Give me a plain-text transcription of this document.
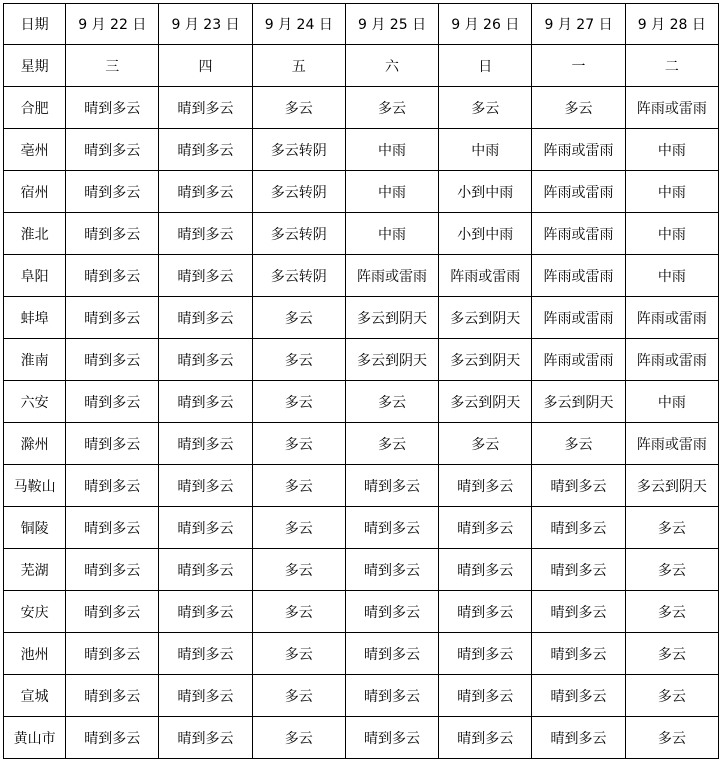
日期	9 月 22 日	9 月 23 日	9 月 24 日	9 月 25 日	9 月 26 日	9 月 27 日	9 月 28 日
星期	三	四	五	六	日	一	二
合肥	晴到多云	晴到多云	多云	多云	多云	多云	阵雨或雷雨
亳州	晴到多云	晴到多云	多云转阴	中雨	中雨	阵雨或雷雨	中雨
宿州	晴到多云	晴到多云	多云转阴	中雨	小到中雨	阵雨或雷雨	中雨
淮北	晴到多云	晴到多云	多云转阴	中雨	小到中雨	阵雨或雷雨	中雨
阜阳	晴到多云	晴到多云	多云转阴	阵雨或雷雨	阵雨或雷雨	阵雨或雷雨	中雨
蚌埠	晴到多云	晴到多云	多云	多云到阴天	多云到阴天	阵雨或雷雨	阵雨或雷雨
淮南	晴到多云	晴到多云	多云	多云到阴天	多云到阴天	阵雨或雷雨	阵雨或雷雨
六安	晴到多云	晴到多云	多云	多云	多云到阴天	多云到阴天	中雨
滁州	晴到多云	晴到多云	多云	多云	多云	多云	阵雨或雷雨
马鞍山	晴到多云	晴到多云	多云	晴到多云	晴到多云	晴到多云	多云到阴天
铜陵	晴到多云	晴到多云	多云	晴到多云	晴到多云	晴到多云	多云
芜湖	晴到多云	晴到多云	多云	晴到多云	晴到多云	晴到多云	多云
安庆	晴到多云	晴到多云	多云	晴到多云	晴到多云	晴到多云	多云
池州	晴到多云	晴到多云	多云	晴到多云	晴到多云	晴到多云	多云
宣城	晴到多云	晴到多云	多云	晴到多云	晴到多云	晴到多云	多云
黄山市	晴到多云	晴到多云	多云	晴到多云	晴到多云	晴到多云	多云
